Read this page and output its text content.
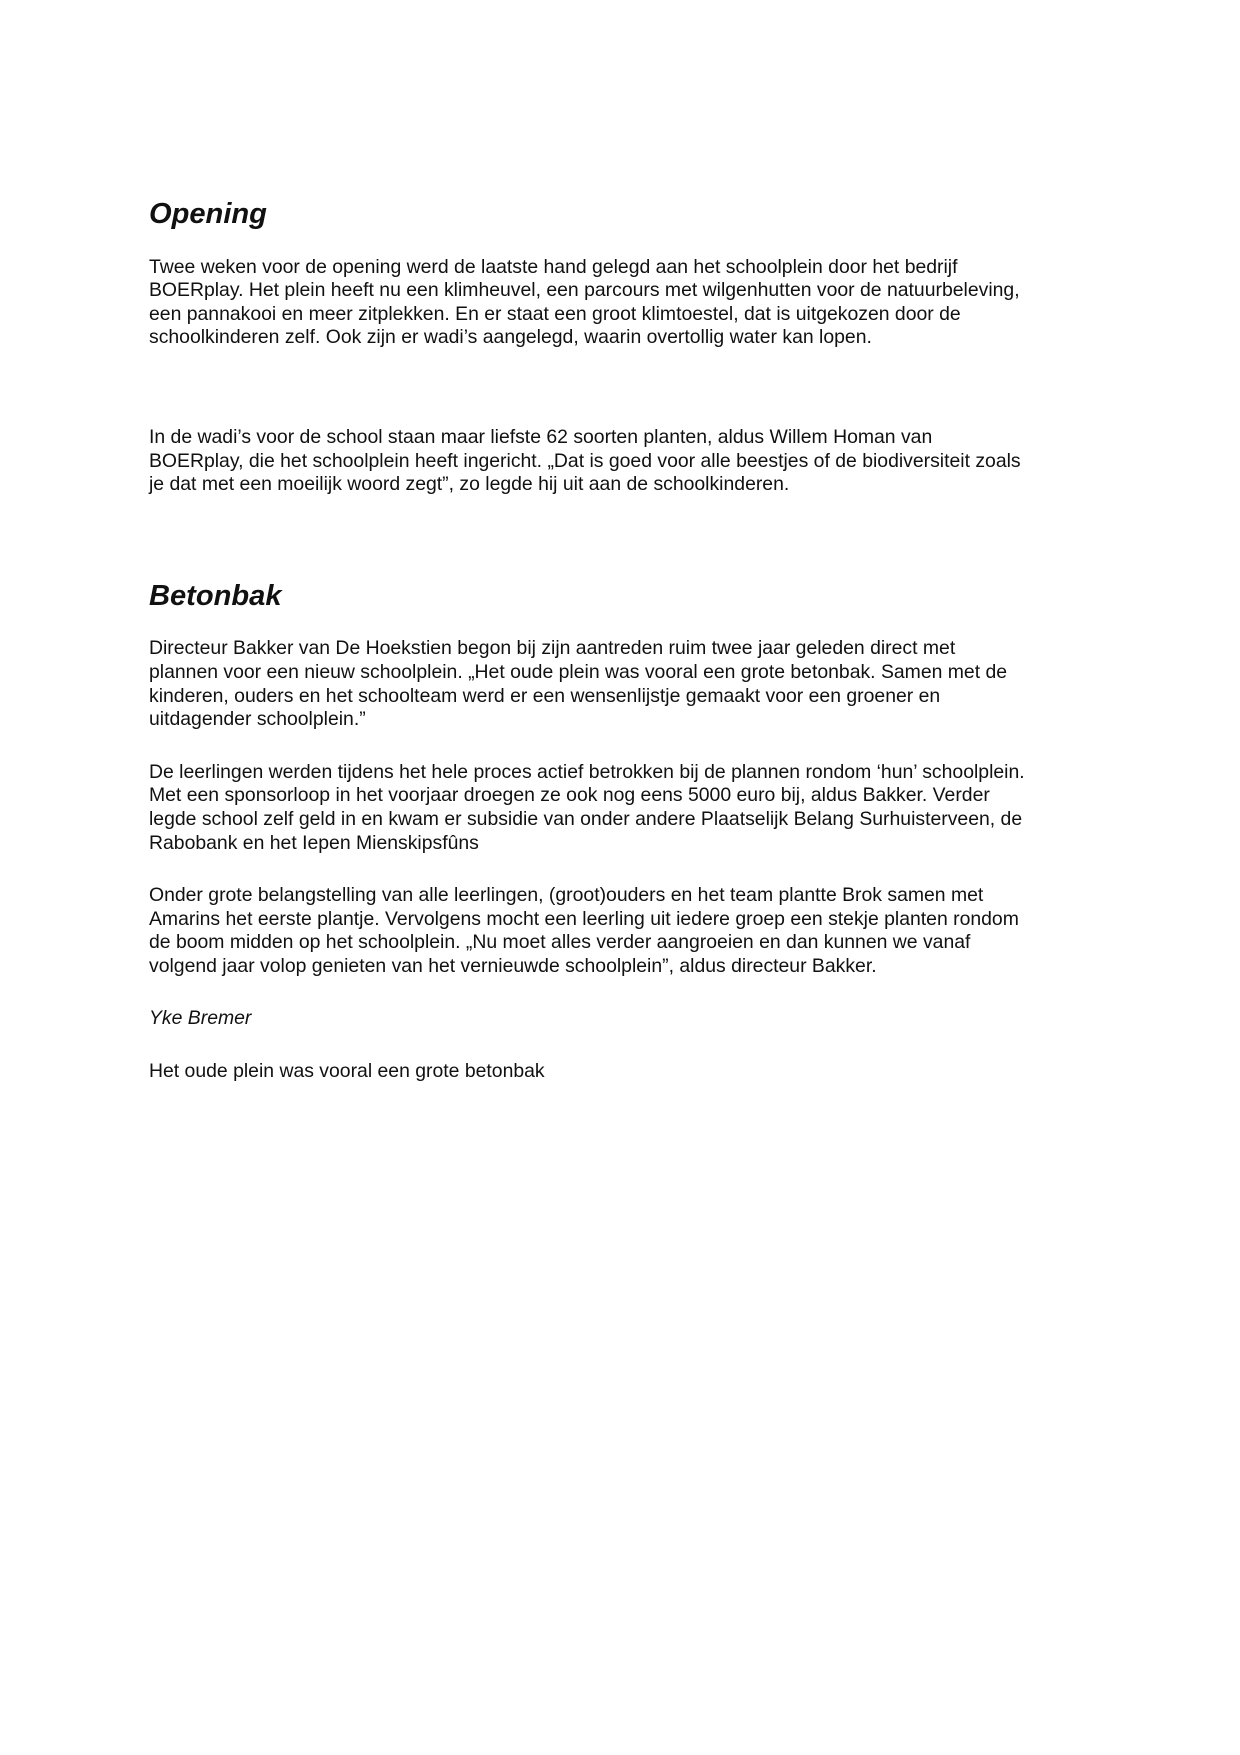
Opening

Twee weken voor de opening werd de laatste hand gelegd aan het schoolplein door het bedrijf
BOERplay. Het plein heeft nu een klimheuvel, een parcours met wilgenhutten voor de natuurbeleving,
een pannakooi en meer zitplekken. En er staat een groot klimtoestel, dat is uitgekozen door de
schoolkinderen zelf. Ook zijn er wadi’s aangelegd, waarin overtollig water kan lopen.

In de wadi’s voor de school staan maar liefste 62 soorten planten, aldus Willem Homan van
BOERplay, die het schoolplein heeft ingericht. „Dat is goed voor alle beestjes of de biodiversiteit zoals
je dat met een moeilijk woord zegt”, zo legde hij uit aan de schoolkinderen.

Betonbak

Directeur Bakker van De Hoekstien begon bij zijn aantreden ruim twee jaar geleden direct met
plannen voor een nieuw schoolplein. „Het oude plein was vooral een grote betonbak. Samen met de
kinderen, ouders en het schoolteam werd er een wensenlijstje gemaakt voor een groener en
uitdagender schoolplein.”

De leerlingen werden tijdens het hele proces actief betrokken bij de plannen rondom ‘hun’ schoolplein.
Met een sponsorloop in het voorjaar droegen ze ook nog eens 5000 euro bij, aldus Bakker. Verder
legde school zelf geld in en kwam er subsidie van onder andere Plaatselijk Belang Surhuisterveen, de
Rabobank en het Iepen Mienskipsfûns

Onder grote belangstelling van alle leerlingen, (groot)ouders en het team plantte Brok samen met
Amarins het eerste plantje. Vervolgens mocht een leerling uit iedere groep een stekje planten rondom
de boom midden op het schoolplein. „Nu moet alles verder aangroeien en dan kunnen we vanaf
volgend jaar volop genieten van het vernieuwde schoolplein”, aldus directeur Bakker.

Yke Bremer

Het oude plein was vooral een grote betonbak
